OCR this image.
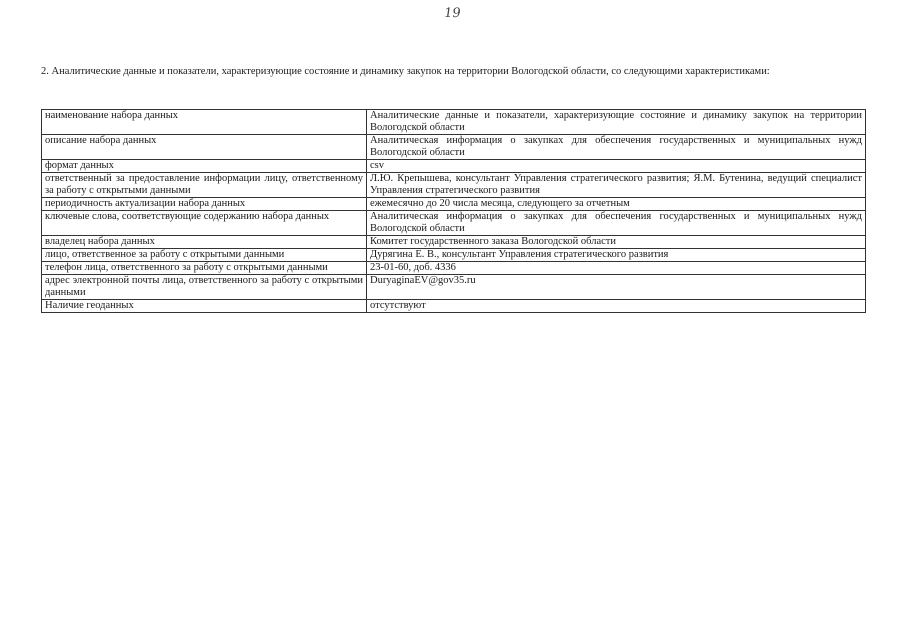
19
2. Аналитические данные и показатели, характеризующие состояние и динамику закупок на территории Вологодской области, со следующими характеристиками:
наименование набора данных	Аналитические данные и показатели, характеризующие состояние и динамику закупок на территории Вологодской области
описание набора данных	Аналитическая информация о закупках для обеспечения государственных и муниципальных нужд Вологодской области
формат данных	csv
ответственный за предоставление информации лицу, ответственному за работу с открытыми данными	Л.Ю. Крепышева, консультант Управления стратегического развития; Я.М. Бутенина, ведущий специалист Управления стратегического развития
периодичность актуализации набора данных	ежемесячно до 20 числа месяца, следующего за отчетным
ключевые слова, соответствующие содержанию набора данных	Аналитическая информация о закупках для обеспечения государственных и муниципальных нужд Вологодской области
владелец набора данных	Комитет государственного заказа Вологодской области
лицо, ответственное за работу с открытыми данными	Дурягина Е. В., консультант Управления стратегического развития
телефон лица, ответственного за работу с открытыми данными	23-01-60, доб. 4336
адрес электронной почты лица, ответственного за работу с открытыми данными	DuryaginaEV@gov35.ru
Наличие геоданных	отсутствуют
